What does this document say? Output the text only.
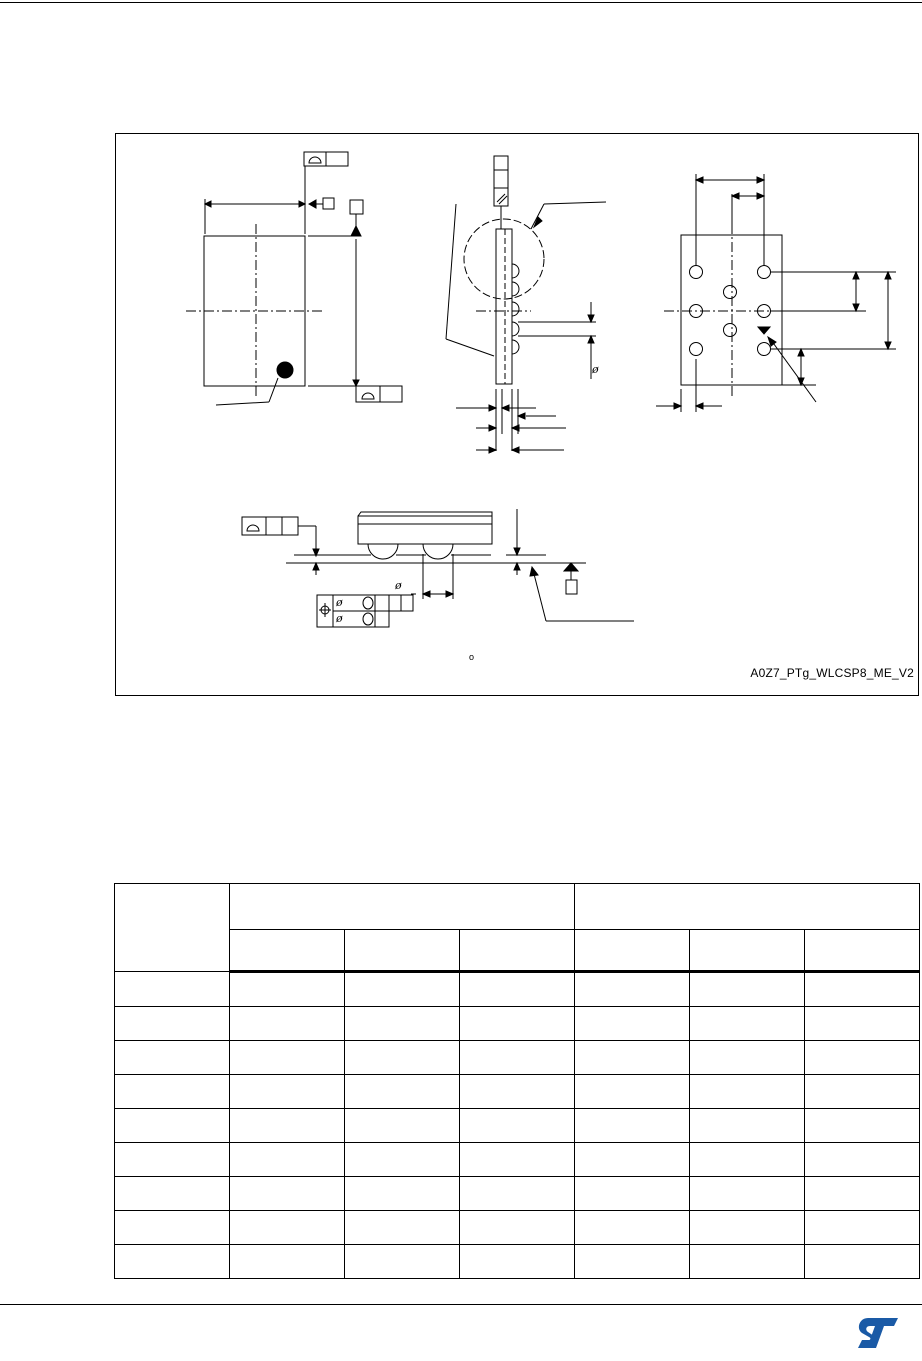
ø
ø
ø
ø
o
A0Z7_PTg_WLCSP8_ME_V2
